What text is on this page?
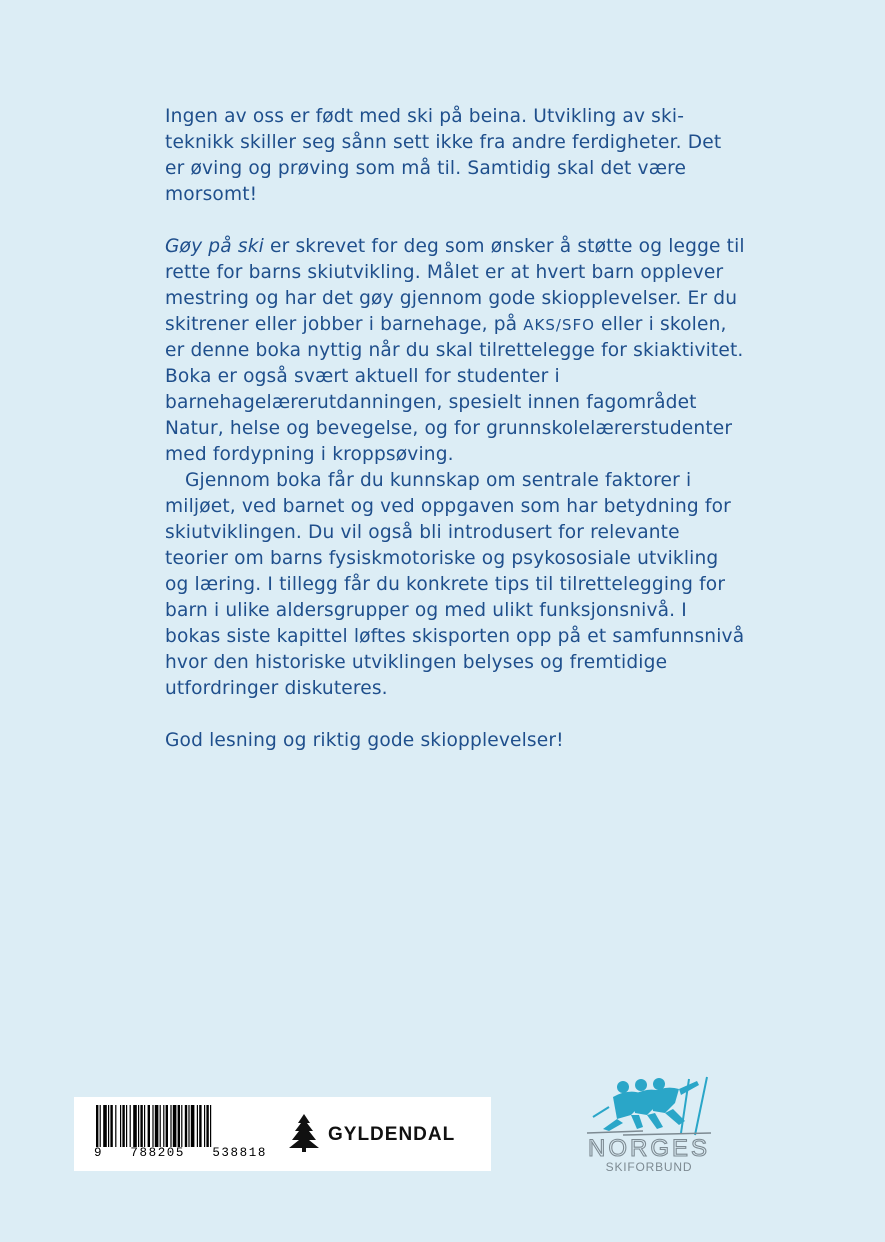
Ingen av oss er født med ski på beina. Utvikling av skiteknikk skiller seg sånn sett ikke fra andre ferdigheter. Det er øving og prøving som må til. Samtidig skal det være morsomt!

Gøy på ski er skrevet for deg som ønsker å støtte og legge til rette for barns skiutvikling. Målet er at hvert barn opplever mestring og har det gøy gjennom gode skiopplevelser. Er du skitrener eller jobber i barnehage, på AKS/SFO eller i skolen, er denne boka nyttig når du skal tilrettelegge for skiaktivitet. Boka er også svært aktuell for studenter i barnehagelærerutdanningen, spesielt innen fagområdet Natur, helse og bevegelse, og for grunnskolelærerstudenter med fordypning i kroppsøving.

Gjennom boka får du kunnskap om sentrale faktorer i miljøet, ved barnet og ved oppgaven som har betydning for skiutviklingen. Du vil også bli introdusert for relevante teorier om barns fysiskmotoriske og psykososiale utvikling og læring. I tillegg får du konkrete tips til tilrettelegging for barn i ulike aldersgrupper og med ulikt funksjonsnivå. I bokas siste kapittel løftes skisporten opp på et samfunnsnivå hvor den historiske utviklingen belyses og fremtidige utfordringer diskuteres.

God lesning og riktig gode skiopplevelser!

9   788205   538818
GYLDENDAL
NORGES
SKIFORBUND
